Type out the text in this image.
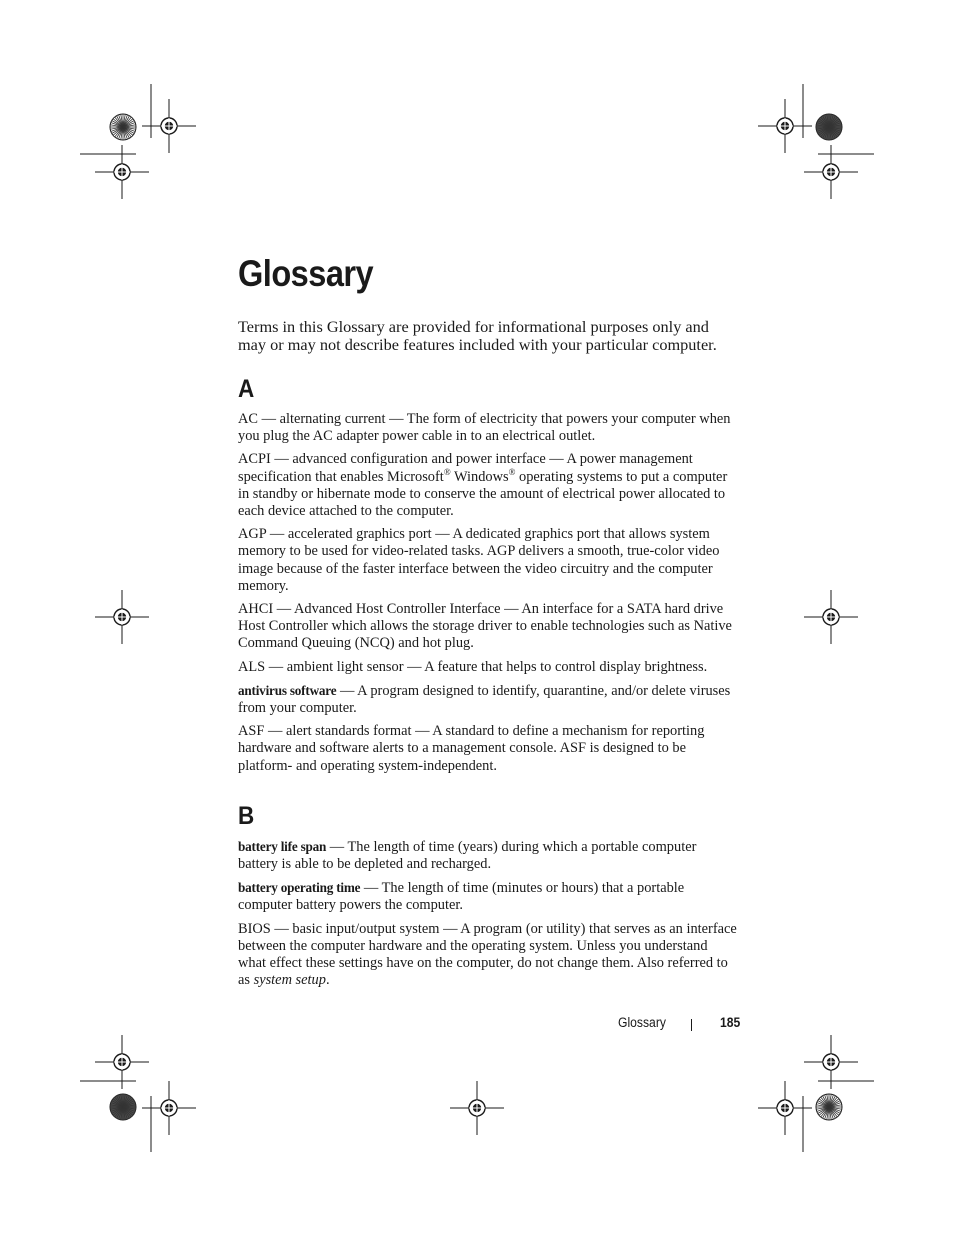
Glossary

Terms in this Glossary are provided for informational purposes only and may or may not describe features included with your particular computer.

A

AC — alternating current — The form of electricity that powers your computer when you plug the AC adapter power cable in to an electrical outlet.

ACPI — advanced configuration and power interface — A power management specification that enables Microsoft® Windows® operating systems to put a computer in standby or hibernate mode to conserve the amount of electrical power allocated to each device attached to the computer.

AGP — accelerated graphics port — A dedicated graphics port that allows system memory to be used for video-related tasks. AGP delivers a smooth, true-color video image because of the faster interface between the video circuitry and the computer memory.

AHCI — Advanced Host Controller Interface — An interface for a SATA hard drive Host Controller which allows the storage driver to enable technologies such as Native Command Queuing (NCQ) and hot plug.

ALS — ambient light sensor — A feature that helps to control display brightness.

antivirus software — A program designed to identify, quarantine, and/or delete viruses from your computer.

ASF — alert standards format — A standard to define a mechanism for reporting hardware and software alerts to a management console. ASF is designed to be platform- and operating system-independent.

B

battery life span — The length of time (years) during which a portable computer battery is able to be depleted and recharged.

battery operating time — The length of time (minutes or hours) that a portable computer battery powers the computer.

BIOS — basic input/output system — A program (or utility) that serves as an interface between the computer hardware and the operating system. Unless you understand what effect these settings have on the computer, do not change them. Also referred to as system setup.

Glossary	185
